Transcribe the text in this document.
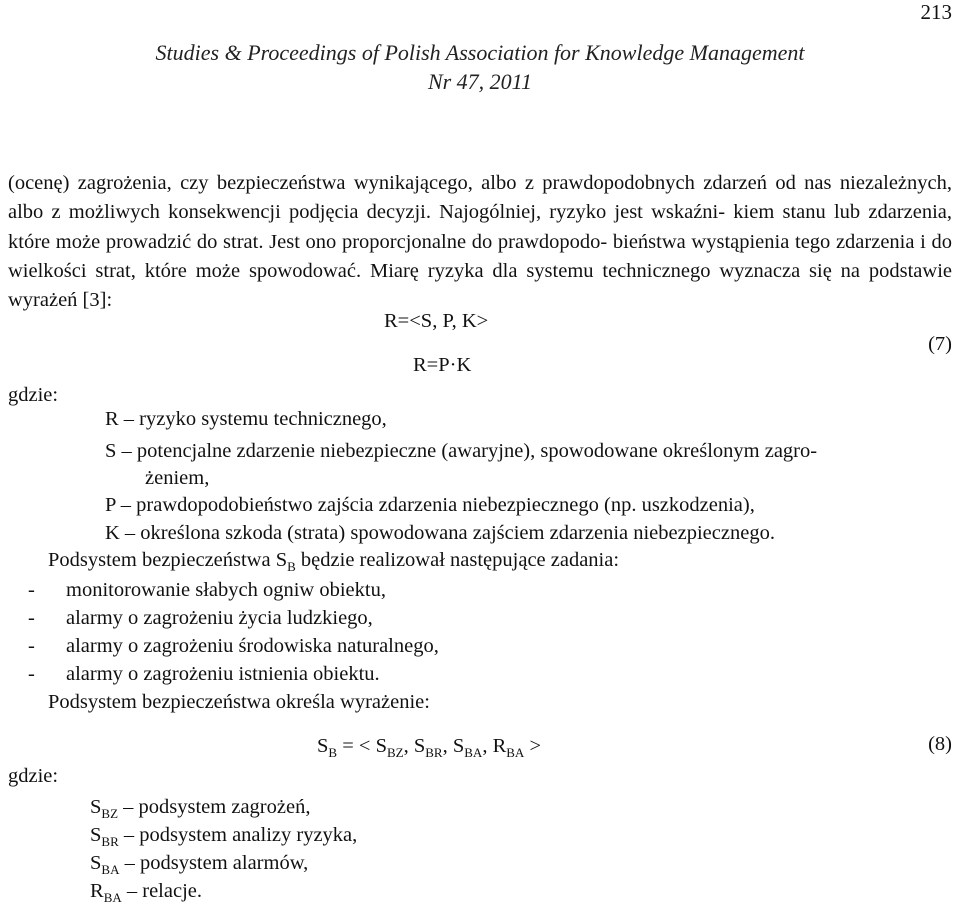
213
Studies & Proceedings of Polish Association for Knowledge Management
Nr 47, 2011

(ocenę) zagrożenia, czy bezpieczeństwa wynikającego, albo z prawdopodobnych zdarzeń od nas niezależnych, albo z możliwych konsekwencji podjęcia decyzji. Najogólniej, ryzyko jest wskaźni- kiem stanu lub zdarzenia, które może prowadzić do strat. Jest ono proporcjonalne do prawdopodo- bieństwa wystąpienia tego zdarzenia i do wielkości strat, które może spowodować. Miarę ryzyka dla systemu technicznego wyznacza się na podstawie wyrażeń [3]:

R=<S, P, K>
R=P·K
(7)
gdzie:
R – ryzyko systemu technicznego,
S – potencjalne zdarzenie niebezpieczne (awaryjne), spowodowane określonym zagro-
żeniem,
P – prawdopodobieństwo zajścia zdarzenia niebezpiecznego (np. uszkodzenia),
K – określona szkoda (strata) spowodowana zajściem zdarzenia niebezpiecznego.
Podsystem bezpieczeństwa $S_B$ będzie realizował następujące zadania:
- monitorowanie słabych ogniw obiektu,
- alarmy o zagrożeniu życia ludzkiego,
- alarmy o zagrożeniu środowiska naturalnego,
- alarmy o zagrożeniu istnienia obiektu.
Podsystem bezpieczeństwa określa wyrażenie:
$S_B$ = < $S_{BZ}$, $S_{BR}$, $S_{BA}$, $R_{BA}$ >	(8)
gdzie:
$S_{BZ}$ – podsystem zagrożeń,
$S_{BR}$ – podsystem analizy ryzyka,
$S_{BA}$ – podsystem alarmów,
$R_{BA}$ – relacje.
